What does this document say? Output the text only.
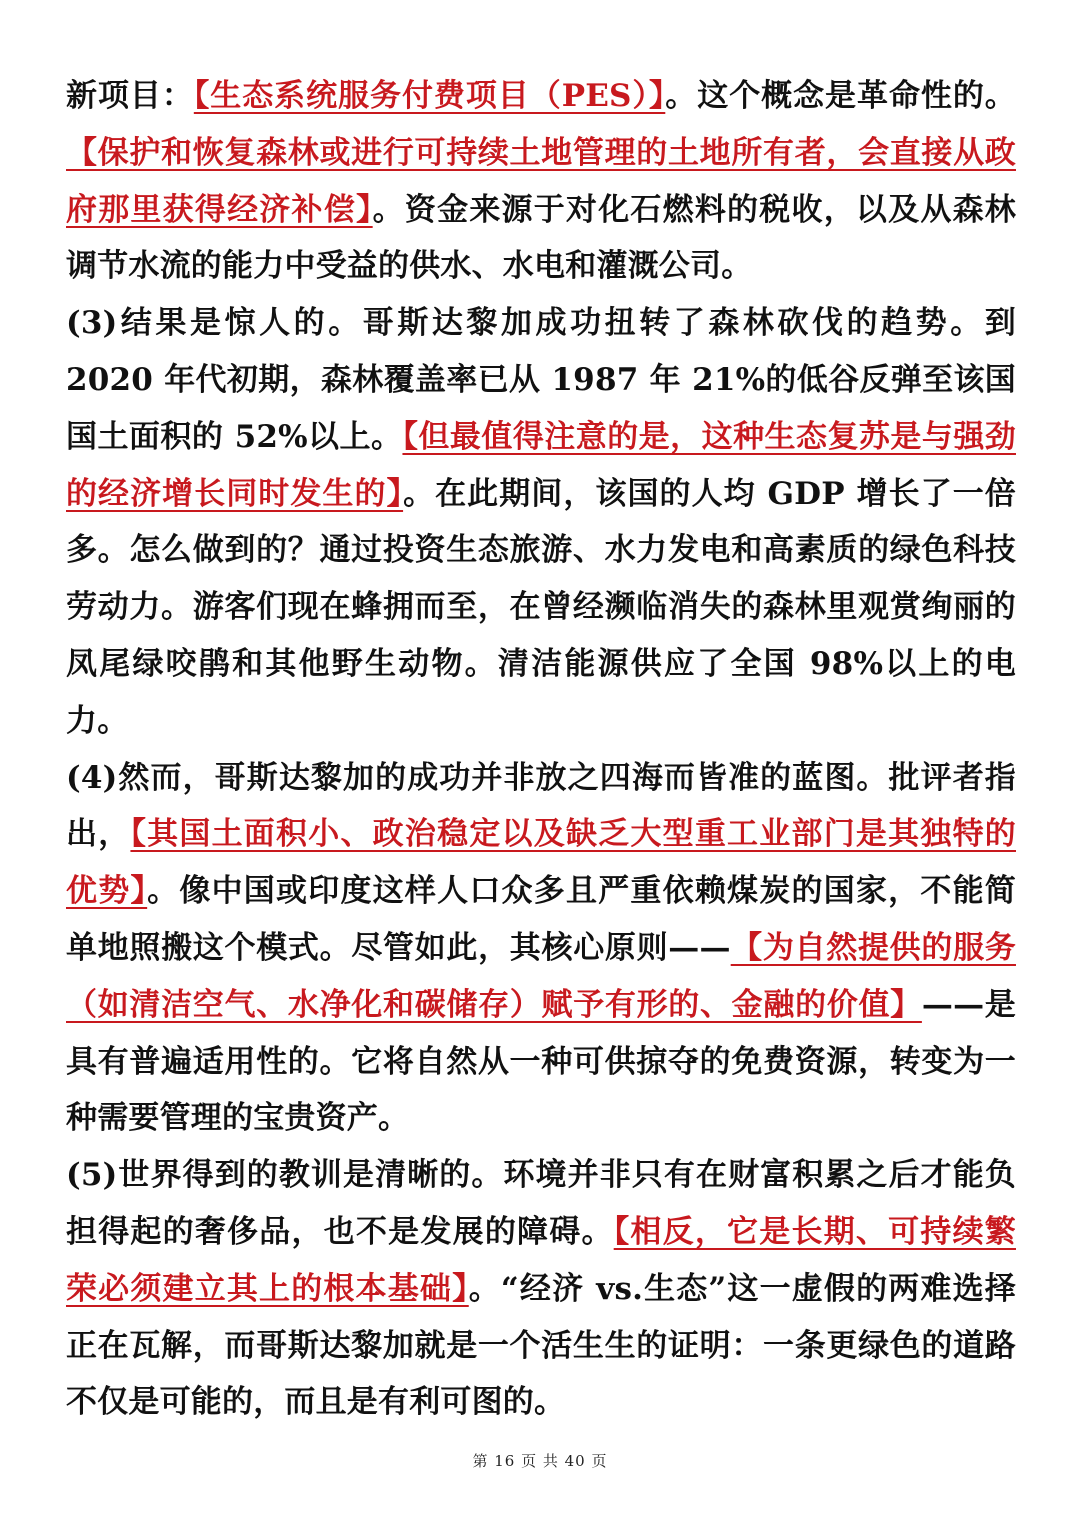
新项目：【生态系统服务付费项目（PES）】。这个概念是革命性的。【保护和恢复森林或进行可持续土地管理的土地所有者，会直接从政府那里获得经济补偿】。资金来源于对化石燃料的税收，以及从森林调节水流的能力中受益的供水、水电和灌溉公司。

(3)结果是惊人的。哥斯达黎加成功扭转了森林砍伐的趋势。到 2020 年代初期，森林覆盖率已从 1987 年 21%的低谷反弹至该国国土面积的 52%以上。【但最值得注意的是，这种生态复苏是与强劲的经济增长同时发生的】。在此期间，该国的人均 GDP 增长了一倍多。怎么做到的？通过投资生态旅游、水力发电和高素质的绿色科技劳动力。游客们现在蜂拥而至，在曾经濒临消失的森林里观赏绚丽的凤尾绿咬鹃和其他野生动物。清洁能源供应了全国 98%以上的电力。

(4)然而，哥斯达黎加的成功并非放之四海而皆准的蓝图。批评者指出，【其国土面积小、政治稳定以及缺乏大型重工业部门是其独特的优势】。像中国或印度这样人口众多且严重依赖煤炭的国家，不能简单地照搬这个模式。尽管如此，其核心原则——【为自然提供的服务（如清洁空气、水净化和碳储存）赋予有形的、金融的价值】——是具有普遍适用性的。它将自然从一种可供掠夺的免费资源，转变为一种需要管理的宝贵资产。

(5)世界得到的教训是清晰的。环境并非只有在财富积累之后才能负担得起的奢侈品，也不是发展的障碍。【相反，它是长期、可持续繁荣必须建立其上的根本基础】。“经济 vs.生态”这一虚假的两难选择正在瓦解，而哥斯达黎加就是一个活生生的证明：一条更绿色的道路不仅是可能的，而且是有利可图的。

第 16 页 共 40 页
